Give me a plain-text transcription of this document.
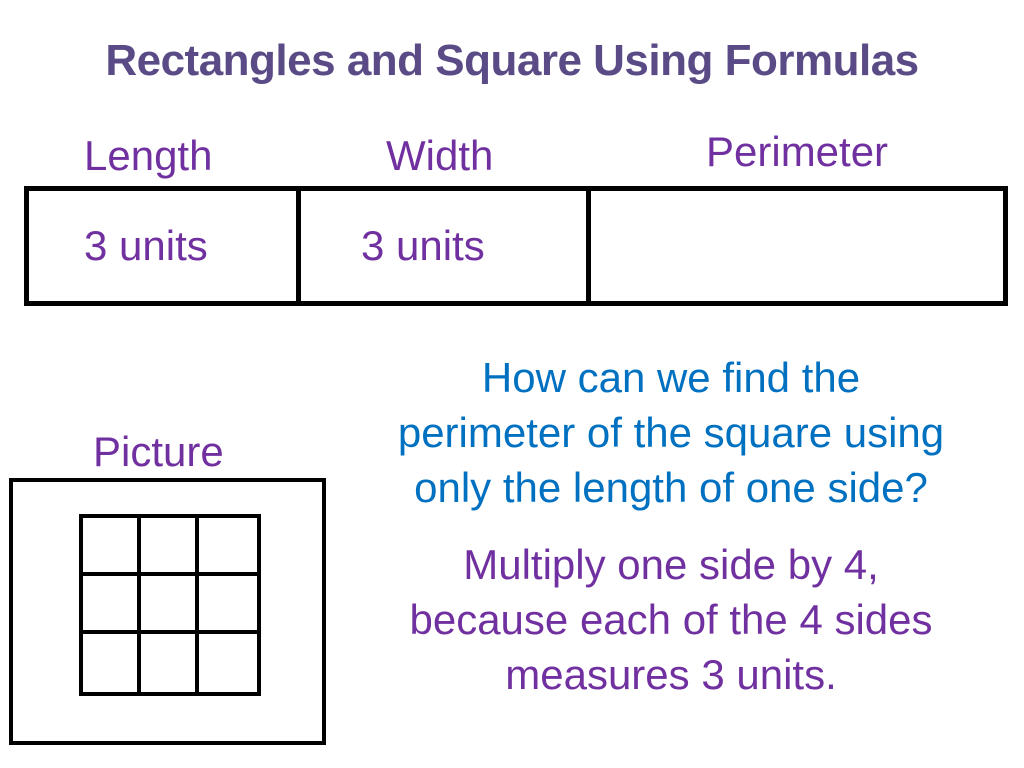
Rectangles and Square Using Formulas
Length	Width	Perimeter
3 units	3 units
Picture
How can we find the
perimeter of the square using
only the length of one side?
Multiply one side by 4,
because each of the 4 sides
measures 3 units.
